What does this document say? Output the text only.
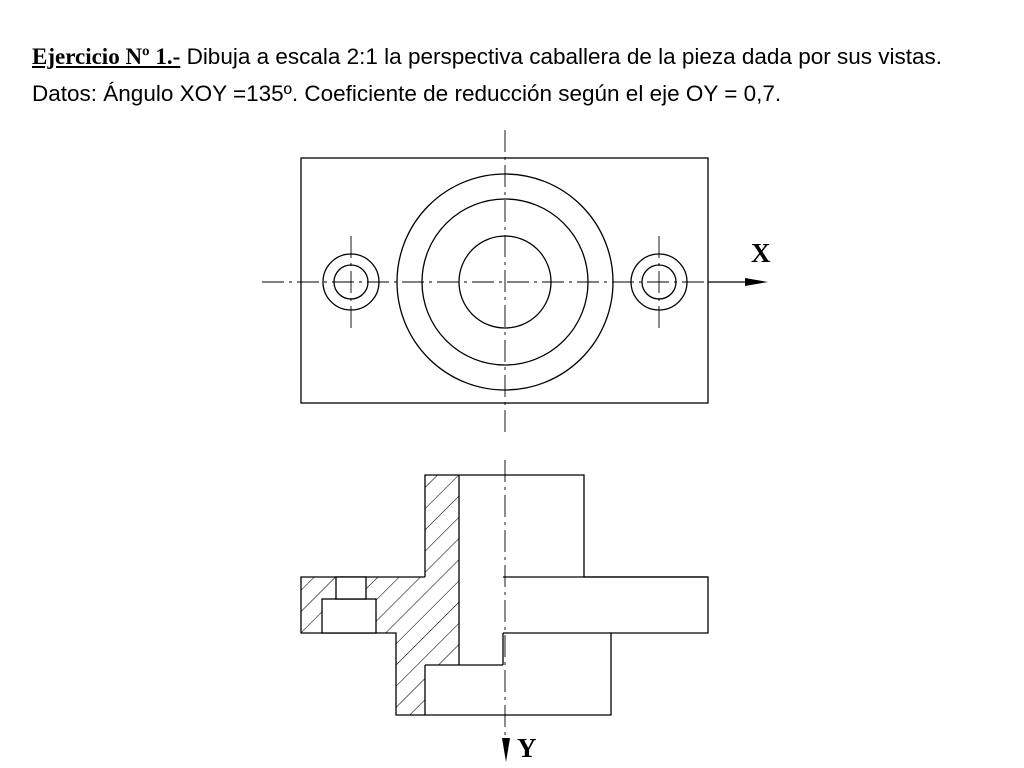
Ejercicio Nº 1.- Dibuja a escala 2:1 la perspectiva caballera de la pieza dada por sus vistas. Datos: Ángulo XOY =135º. Coeficiente de reducción según el eje OY = 0,7.
X
Y
